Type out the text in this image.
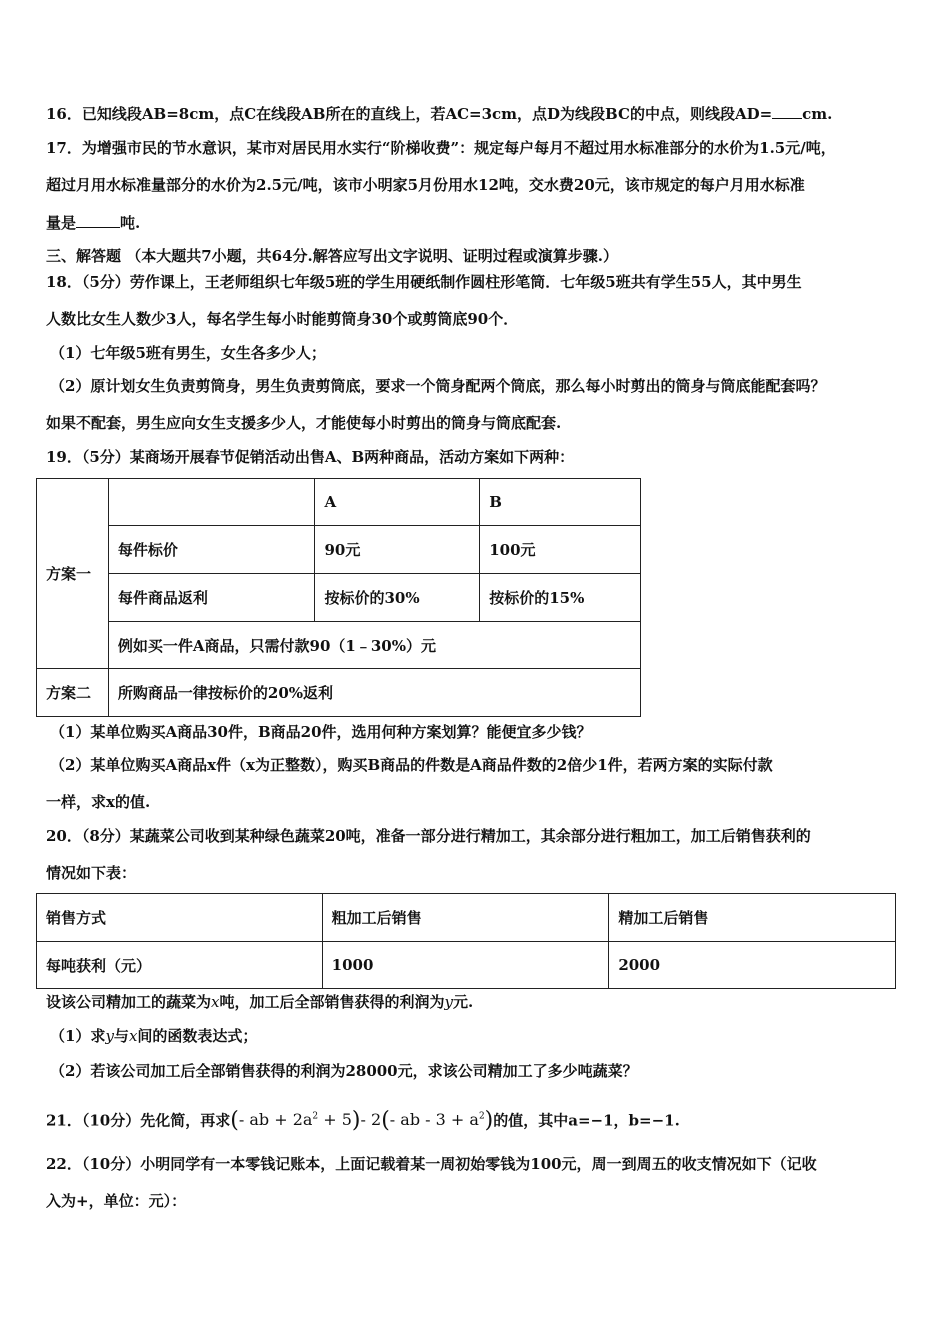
16．已知线段AB=8cm，点C在线段AB所在的直线上，若AC=3cm，点D为线段BC的中点，则线段AD= cm.
17．为增强市民的节水意识，某市对居民用水实行“阶梯收费”：规定每户每月不超过用水标准部分的水价为1.5元/吨，
超过月用水标准量部分的水价为2.5元/吨，该市小明家5月份用水12吨，交水费20元，该市规定的每户月用水标准
量是	吨.
三、解答题 （本大题共7小题，共64分.解答应写出文字说明、证明过程或演算步骤.）
18．（5分）劳作课上，王老师组织七年级5班的学生用硬纸制作圆柱形笔筒．七年级5班共有学生55人，其中男生
人数比女生人数少3人，每名学生每小时能剪筒身30个或剪筒底90个．
（1）七年级5班有男生，女生各多少人；
（2）原计划女生负责剪筒身，男生负责剪筒底，要求一个筒身配两个筒底，那么每小时剪出的筒身与筒底能配套吗？
如果不配套，男生应向女生支援多少人，才能使每小时剪出的筒身与筒底配套.
19．（5分）某商场开展春节促销活动出售A、B两种商品，活动方案如下两种：
方案一		A	B
	每件标价	90元	100元
	每件商品返利	按标价的30%	按标价的15%
	例如买一件A商品，只需付款90（1﹣30%）元		
方案二	所购商品一律按标价的20%返利		
（1）某单位购买A商品30件，B商品20件，选用何种方案划算？能便宜多少钱？
（2）某单位购买A商品x件（x为正整数），购买B商品的件数是A商品件数的2倍少1件，若两方案的实际付款
一样，求x的值.
20．（8分）某蔬菜公司收到某种绿色蔬菜20吨，准备一部分进行精加工，其余部分进行粗加工，加工后销售获利的
情况如下表：
销售方式	粗加工后销售	精加工后销售
每吨获利（元）	1000	2000
设该公司精加工的蔬菜为x吨，加工后全部销售获得的利润为y元.
（1）求y与x间的函数表达式；
（2）若该公司加工后全部销售获得的利润为28000元，求该公司精加工了多少吨蔬菜？
21．（10分）先化简，再求(- ab + $2a^2 + 5)-$ 2(- ab - $3 + a^2$)的值，其中a=−1，b=−1.
22．（10分）小明同学有一本零钱记账本，上面记载着某一周初始零钱为100元，周一到周五的收支情况如下（记收
入为+，单位：元）：
